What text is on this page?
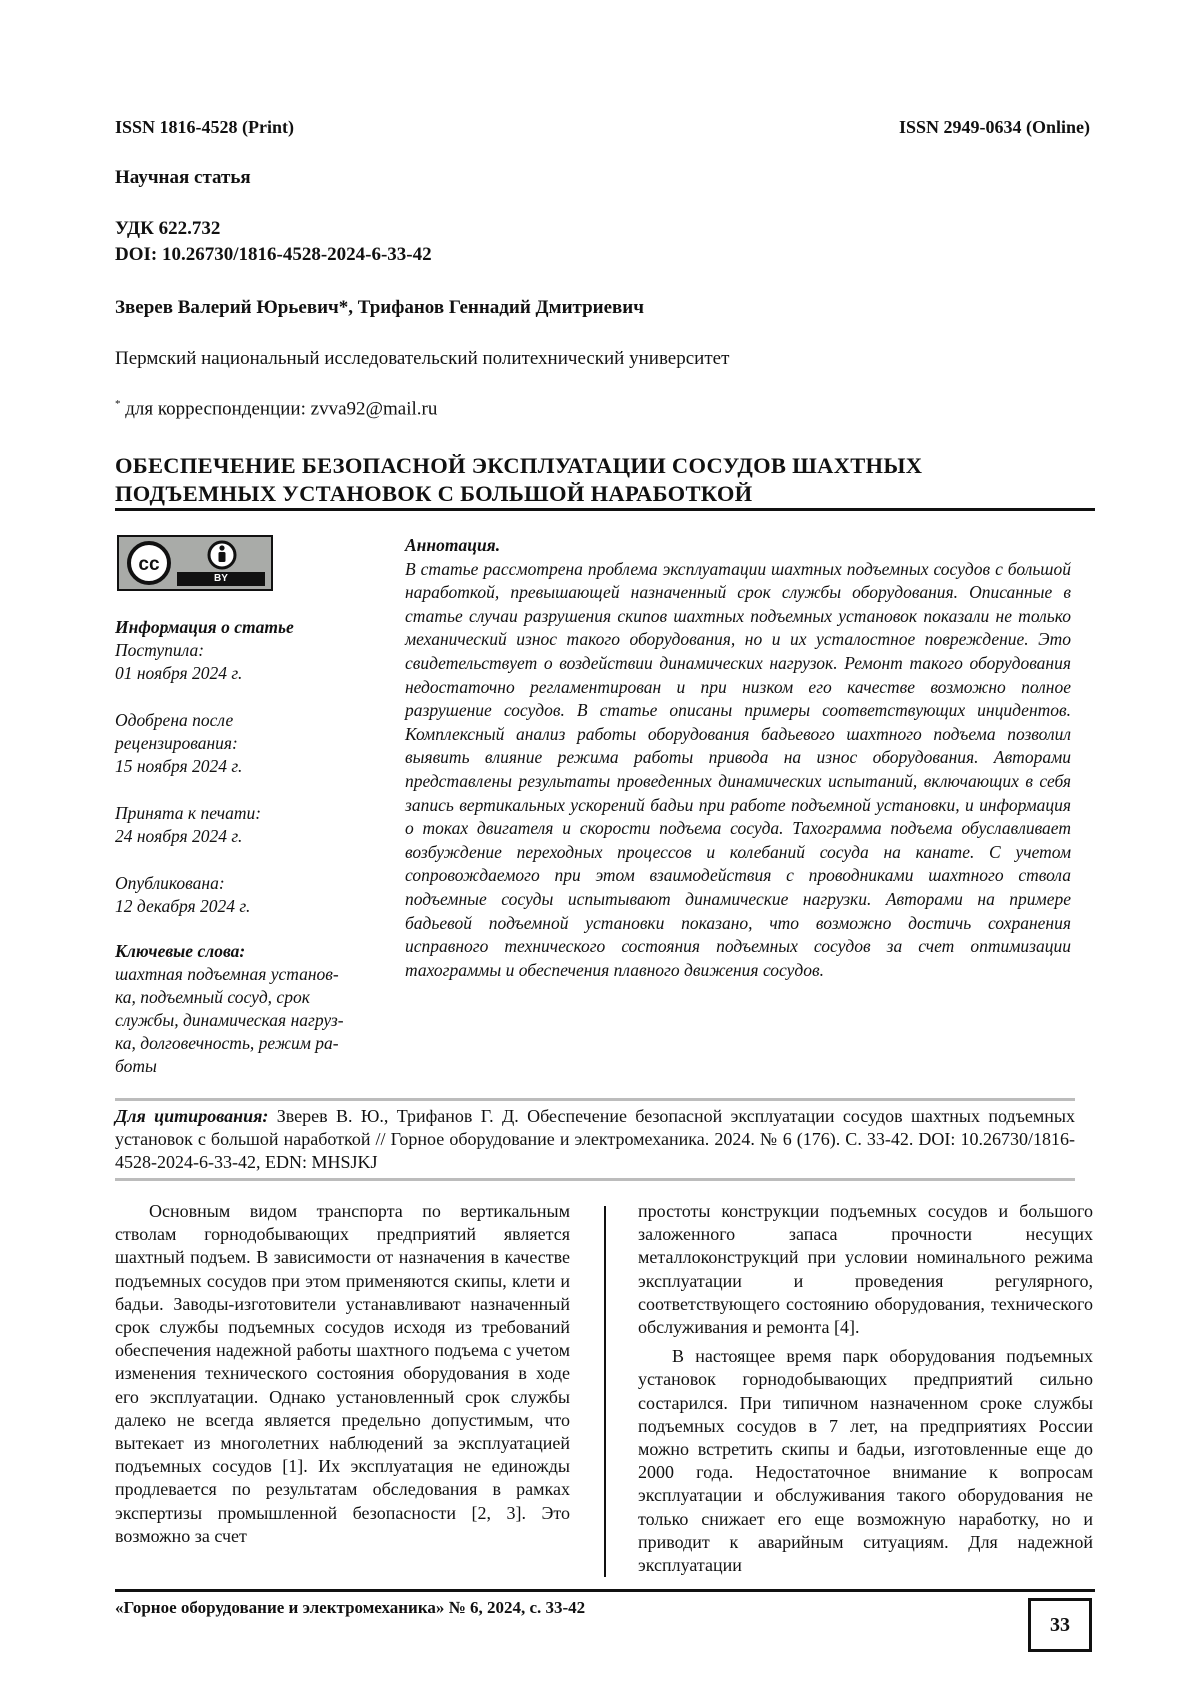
ISSN 1816-4528 (Print)	ISSN 2949-0634 (Online)
Научная статья
УДК 622.732
DOI: 10.26730/1816-4528-2024-6-33-42
Зверев Валерий Юрьевич*, Трифанов Геннадий Дмитриевич
Пермский национальный исследовательский политехнический университет
* для корреспонденции: zvva92@mail.ru
ОБЕСПЕЧЕНИЕ БЕЗОПАСНОЙ ЭКСПЛУАТАЦИИ СОСУДОВ ШАХТНЫХ
ПОДЪЕМНЫХ УСТАНОВОК С БОЛЬШОЙ НАРАБОТКОЙ
cc
BY
Информация о статье
Поступила:
01 ноября 2024 г.
Одобрена после
рецензирования:
15 ноября 2024 г.
Принята к печати:
24 ноября 2024 г.
Опубликована:
12 декабря 2024 г.
Ключевые слова:
шахтная подъемная установ-
ка, подъемный сосуд, срок
службы, динамическая нагруз-
ка, долговечность, режим ра-
боты
Аннотация.
В статье рассмотрена проблема эксплуатации шахтных подъемных сосудов с большой наработкой, превышающей назначенный срок службы оборудования. Описанные в статье случаи разрушения скипов шахтных подъемных установок показали не только механический износ такого оборудования, но и их усталостное повреждение. Это свидетельствует о воздействии динамических нагрузок. Ремонт такого оборудования недостаточно регламентирован и при низком его качестве возможно полное разрушение сосудов. В статье описаны примеры соответствующих инцидентов. Комплексный анализ работы оборудования бадьевого шахтного подъема позволил выявить влияние режима работы привода на износ оборудования. Авторами представлены результаты проведенных динамических испытаний, включающих в себя запись вертикальных ускорений бадьи при работе подъемной установки, и информация о токах двигателя и скорости подъема сосуда. Тахограмма подъема обуславливает возбуждение переходных процессов и колебаний сосуда на канате. С учетом сопровождаемого при этом взаимодействия с проводниками шахтного ствола подъемные сосуды испытывают динамические нагрузки. Авторами на примере бадьевой подъемной установки показано, что возможно достичь сохранения исправного технического состояния подъемных сосудов за счет оптимизации тахограммы и обеспечения плавного движения сосудов.
Для цитирования: Зверев В. Ю., Трифанов Г. Д. Обеспечение безопасной эксплуатации сосудов шахтных подъемных установок с большой наработкой // Горное оборудование и электромеханика. 2024. № 6 (176). С. 33-42. DOI: 10.26730/1816-4528-2024-6-33-42, EDN: MHSJKJ

Основным видом транспорта по вертикальным стволам горнодобывающих предприятий является шахтный подъем. В зависимости от назначения в качестве подъемных сосудов при этом применяются скипы, клети и бадьи. Заводы-изготовители устанавливают назначенный срок службы подъемных сосудов исходя из требований обеспечения надежной работы шахтного подъема с учетом изменения технического состояния оборудования в ходе его эксплуатации. Однако установленный срок службы далеко не всегда является предельно допустимым, что вытекает из многолетних наблюдений за эксплуатацией подъемных сосудов [1]. Их эксплуатация не единожды продлевается по результатам обследования в рамках экспертизы промышленной безопасности [2, 3]. Это возможно за счет

простоты конструкции подъемных сосудов и большого заложенного запаса прочности несущих металлоконструкций при условии номинального режима эксплуатации и проведения регулярного, соответствующего состоянию оборудования, технического обслуживания и ремонта [4].

В настоящее время парк оборудования подъемных установок горнодобывающих предприятий сильно состарился. При типичном назначенном сроке службы подъемных сосудов в 7 лет, на предприятиях России можно встретить скипы и бадьи, изготовленные еще до 2000 года. Недостаточное внимание к вопросам эксплуатации и обслуживания такого оборудования не только снижает его еще возможную наработку, но и приводит к аварийным ситуациям. Для надежной эксплуатации

«Горное оборудование и электромеханика» № 6, 2024, с. 33-42
33
